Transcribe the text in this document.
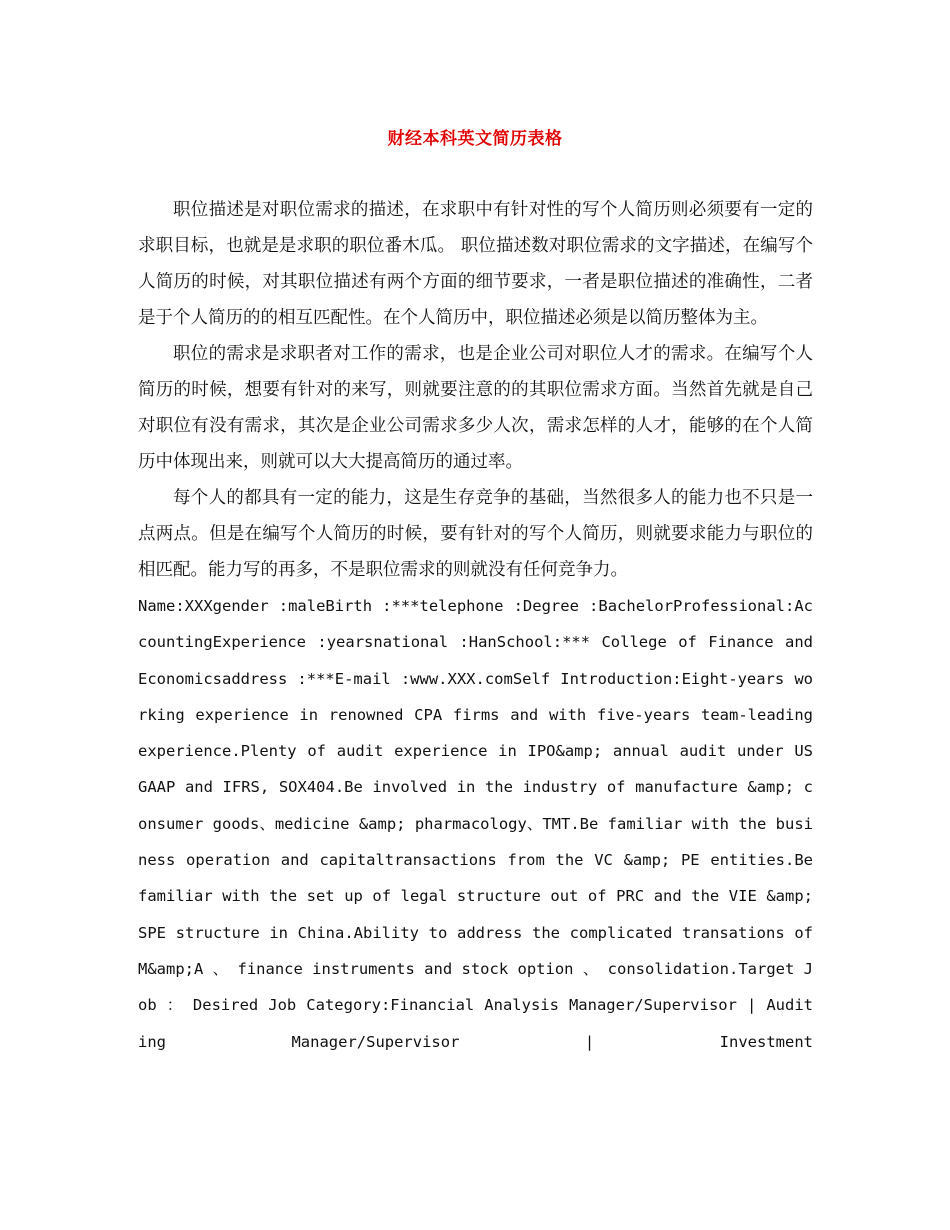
财经本科英文简历表格

职位描述是对职位需求的描述，在求职中有针对性的写个人简历则必须要有一定的求职目标，也就是是求职的职位番木瓜。 职位描述数对职位需求的文字描述，在编写个人简历的时候，对其职位描述有两个方面的细节要求，一者是职位描述的准确性，二者是于个人简历的的相互匹配性。在个人简历中，职位描述必须是以简历整体为主。

职位的需求是求职者对工作的需求，也是企业公司对职位人才的需求。在编写个人简历的时候，想要有针对的来写，则就要注意的的其职位需求方面。当然首先就是自己对职位有没有需求，其次是企业公司需求多少人次，需求怎样的人才，能够的在个人简历中体现出来，则就可以大大提高简历的通过率。

每个人的都具有一定的能力，这是生存竞争的基础，当然很多人的能力也不只是一点两点。但是在编写个人简历的时候，要有针对的写个人简历，则就要求能力与职位的相匹配。能力写的再多，不是职位需求的则就没有任何竞争力。

Name:XXXgender :maleBirth :***telephone :Degree :BachelorProfessional:AccountingExperience :yearsnational :HanSchool:*** College of Finance and Economicsaddress :***E-mail :www.XXX.comSelf Introduction:Eight-years working experience in renowned CPA firms and with five-years team-leading experience.Plenty of audit experience in IPO&amp; annual audit under US GAAP and IFRS, SOX404.Be involved in the industry of manufacture &amp; consumer goods、medicine &amp; pharmacology、TMT.Be familiar with the business operation and capitaltransactions from the VC &amp; PE entities.Be familiar with the set up of legal structure out of PRC and the VIE &amp; SPE structure in China.Ability to address the complicated transations of M&amp;A 、 finance instruments and stock option 、 consolidation.Target Job ： Desired Job Category:Financial Analysis Manager/Supervisor | Auditing Manager/Supervisor | Investment
